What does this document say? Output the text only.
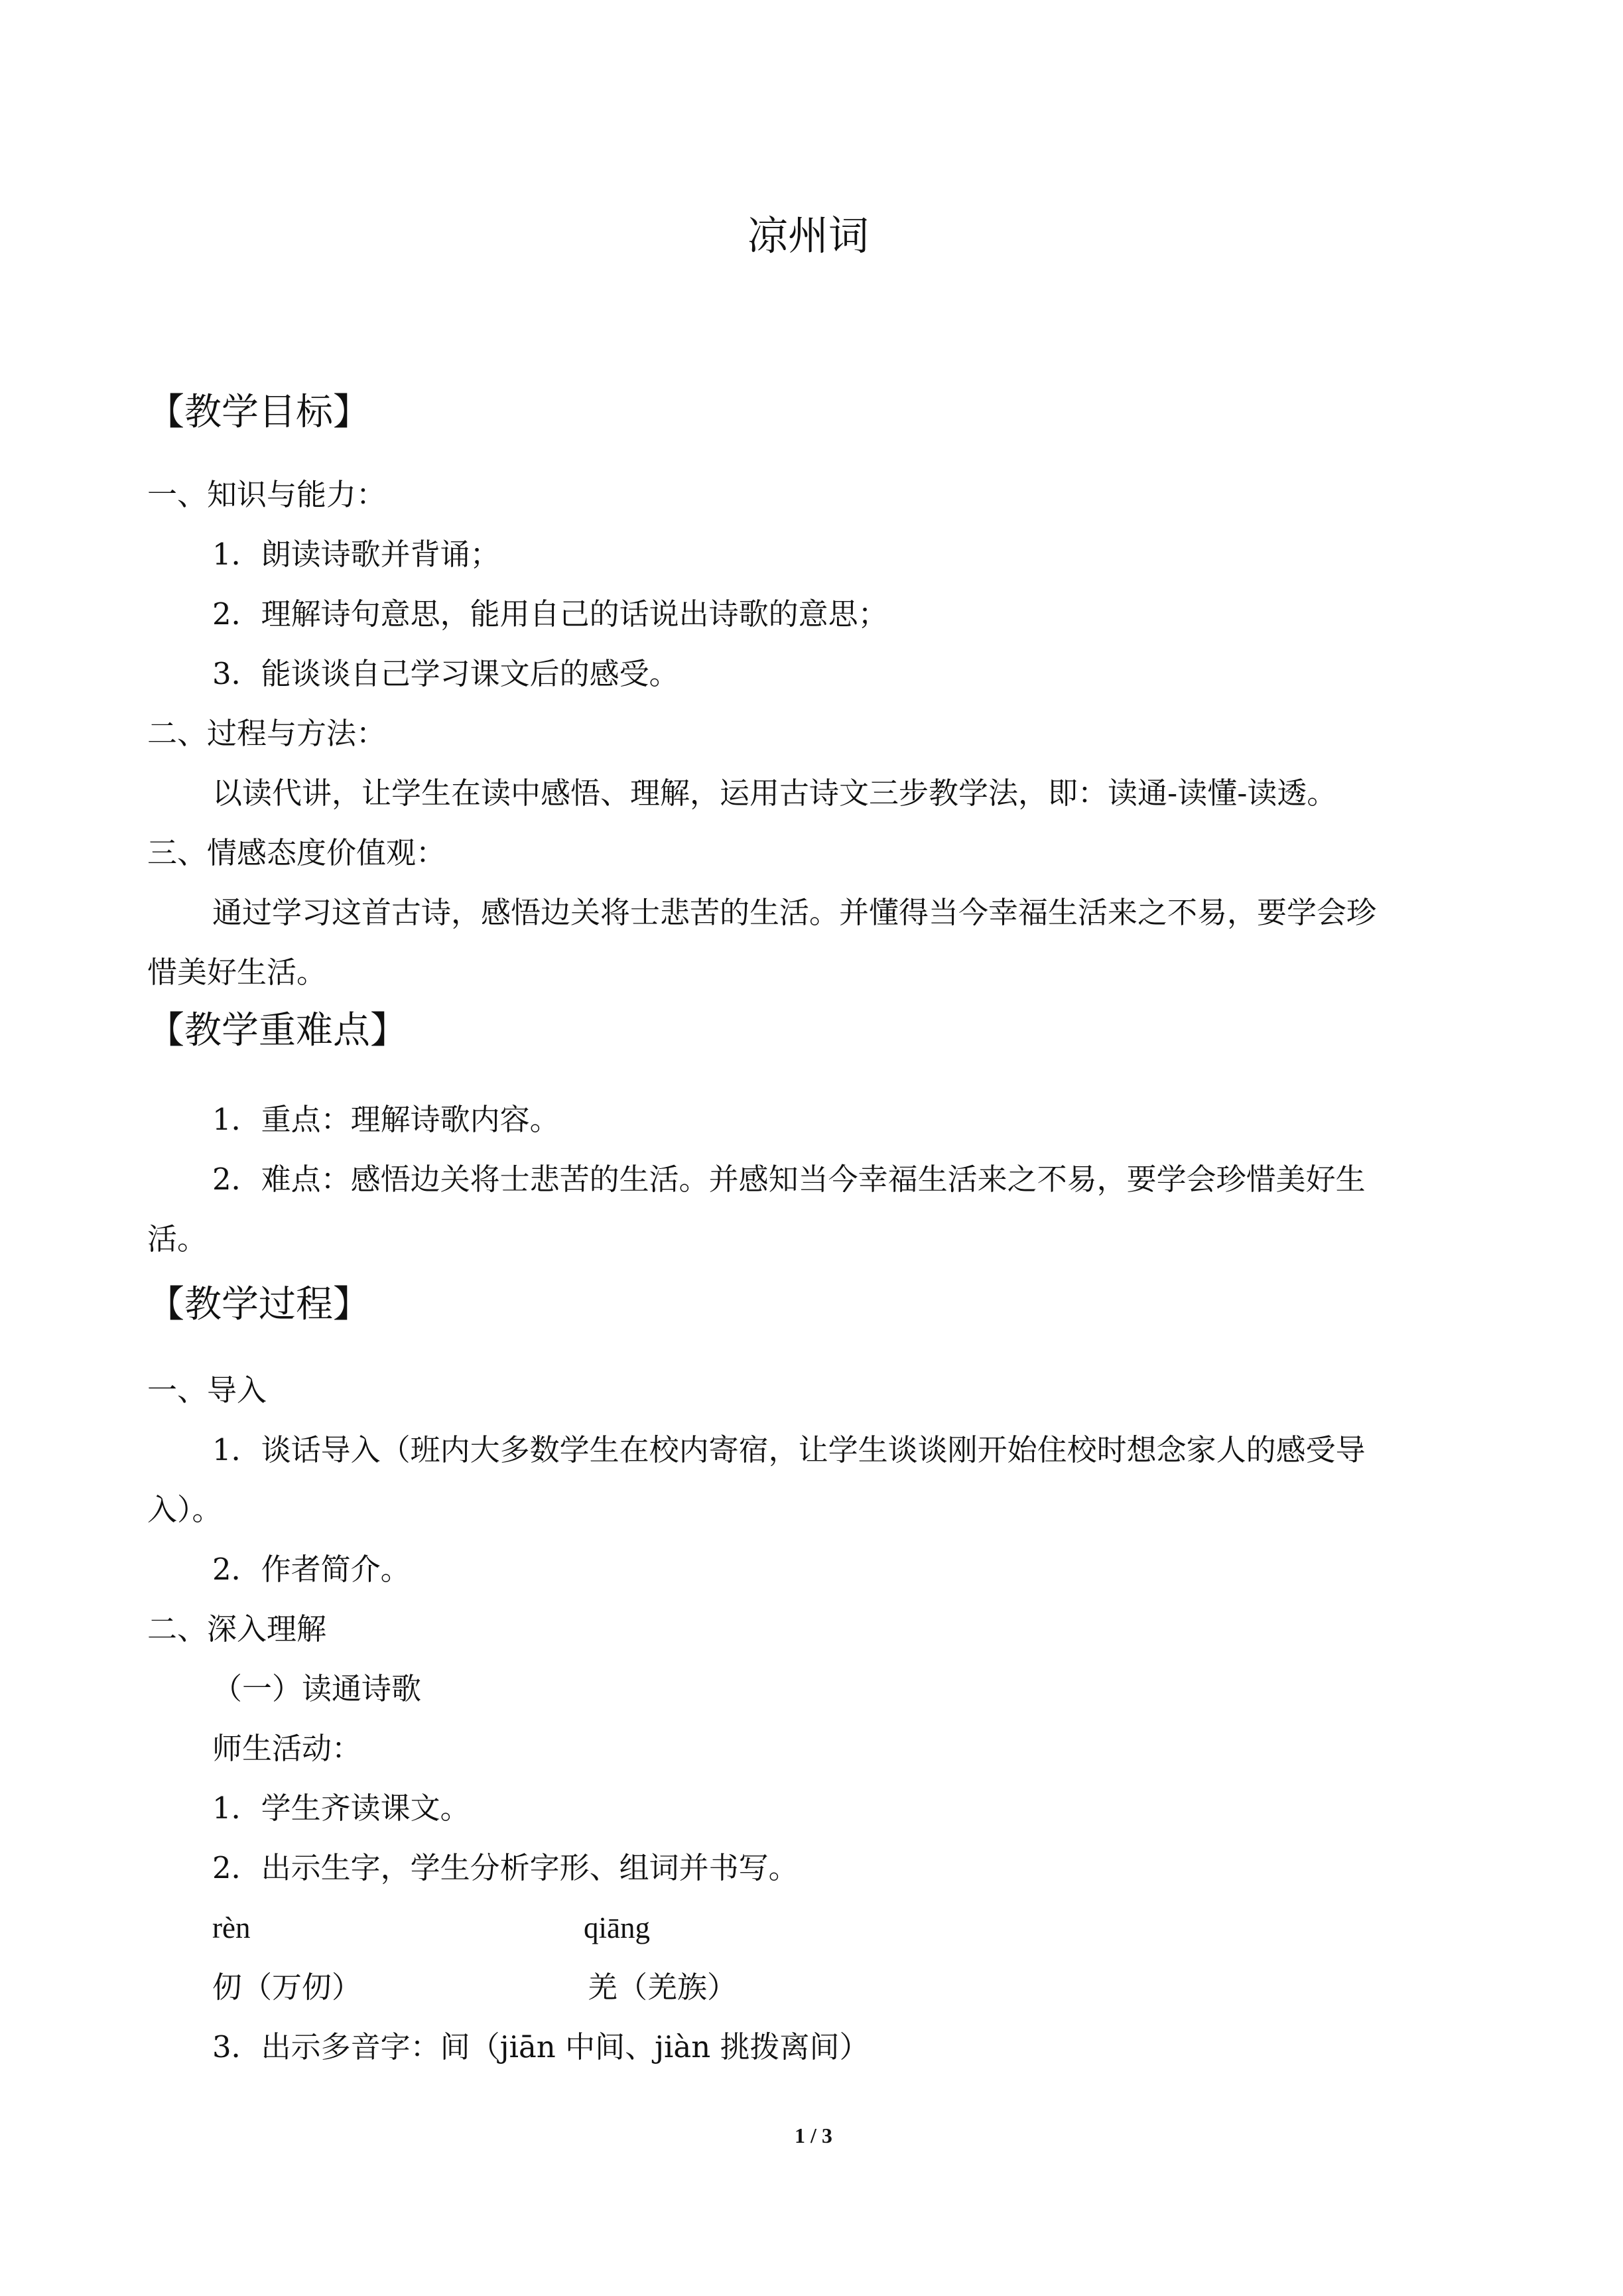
凉州词
【教学目标】
一、知识与能力：
1．朗读诗歌并背诵；
2．理解诗句意思，能用自己的话说出诗歌的意思；
3．能谈谈自己学习课文后的感受。
二、过程与方法：
以读代讲，让学生在读中感悟、理解，运用古诗文三步教学法，即：读通-读懂-读透。
三、情感态度价值观：
通过学习这首古诗，感悟边关将士悲苦的生活。并懂得当今幸福生活来之不易，要学会珍
惜美好生活。
【教学重难点】
1．重点：理解诗歌内容。
2．难点：感悟边关将士悲苦的生活。并感知当今幸福生活来之不易，要学会珍惜美好生
活。
【教学过程】
一、导入
1．谈话导入（班内大多数学生在校内寄宿，让学生谈谈刚开始住校时想念家人的感受导
入）。
2．作者简介。
二、深入理解
（一）读通诗歌
师生活动：
1．学生齐读课文。
2．出示生字，学生分析字形、组词并书写。
rèn	qiāng
仞（万仞）	羌（羌族）
3．出示多音字：间（jiān 中间、jiàn 挑拨离间）
1 / 3
